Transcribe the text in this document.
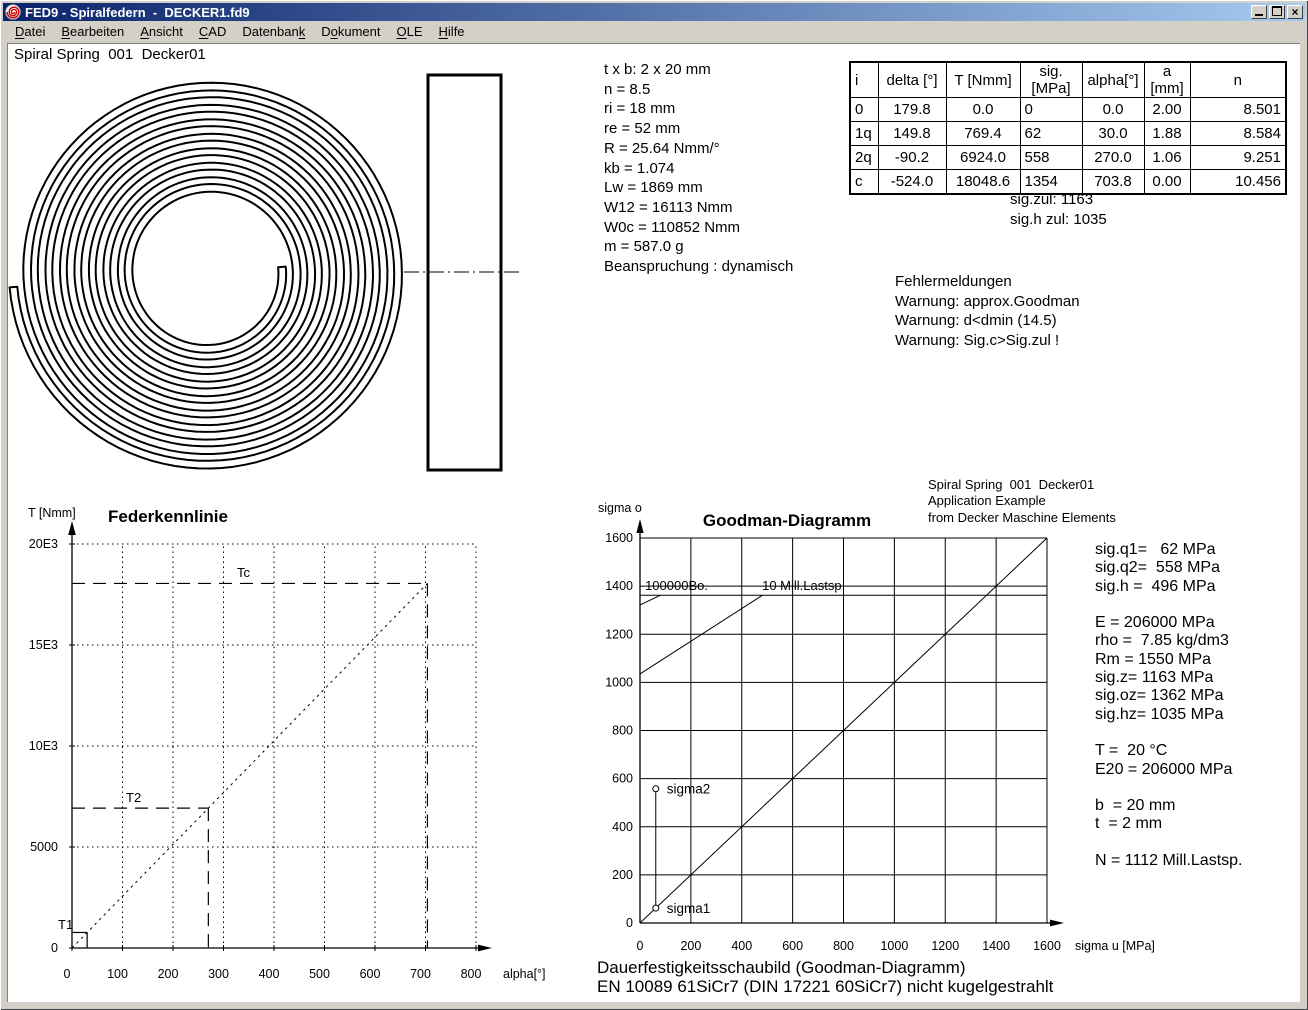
FED9 - Spiralfedern  -  DECKER1.fd9	×
Datei	Bearbeiten	Ansicht	CAD	Datenbank	Dokument	OLE	Hilfe
Spiral Spring  001  Decker01
t x b: 2 x 20 mm
n = 8.5
ri = 18 mm
re = 52 mm
R = 25.64 Nmm/°
kb = 1.074
Lw = 1869 mm
W12 = 16113 Nmm
W0c = 110852 Nmm
m = 587.0 g
Beanspruchung : dynamisch
i	delta [°]	T [Nmm]	sig.[MPa]	alpha[°]	a [mm]	n
0	179.8	0.0	0	0.0	2.00	8.501
1q	149.8	769.4	62	30.0	1.88	8.584
2q	-90.2	6924.0	558	270.0	1.06	9.251
c	-524.0	18048.6	1354	703.8	0.00	10.456
sig.zul: 1163
sig.h zul: 1035
Fehlermeldungen
Warnung: approx.Goodman
Warnung: d<dmin (14.5)
Warnung: Sig.c>Sig.zul !
0	100 200 300 400 500 600 700 800
0
5000
10E3
15E3
20E3
Federkennlinie
T [Nmm]
alpha[°]
T1
T2
Tc
0	200 400 600 800 1000 1200 1400 1600
0
200
400
600
800
1000
1200
1400
1600
Goodman-Diagramm
sigma o
sigma u [MPa]
sigma1
sigma2
100000Bo.	10 Mill.Lastsp.
Spiral Spring  001  Decker01
Application Example
from Decker Maschine Elements
sig.q1=   62 MPa
sig.q2=  558 MPa
sig.h =  496 MPa
E = 206000 MPa
rho =  7.85 kg/dm3
Rm = 1550 MPa
sig.z= 1163 MPa
sig.oz= 1362 MPa
sig.hz= 1035 MPa
T =  20 °C
E20 = 206000 MPa
b  = 20 mm
t  = 2 mm
N = 1112 Mill.Lastsp.
Dauerfestigkeitsschaubild (Goodman-Diagramm)
EN 10089 61SiCr7 (DIN 17221 60SiCr7) nicht kugelgestrahlt
